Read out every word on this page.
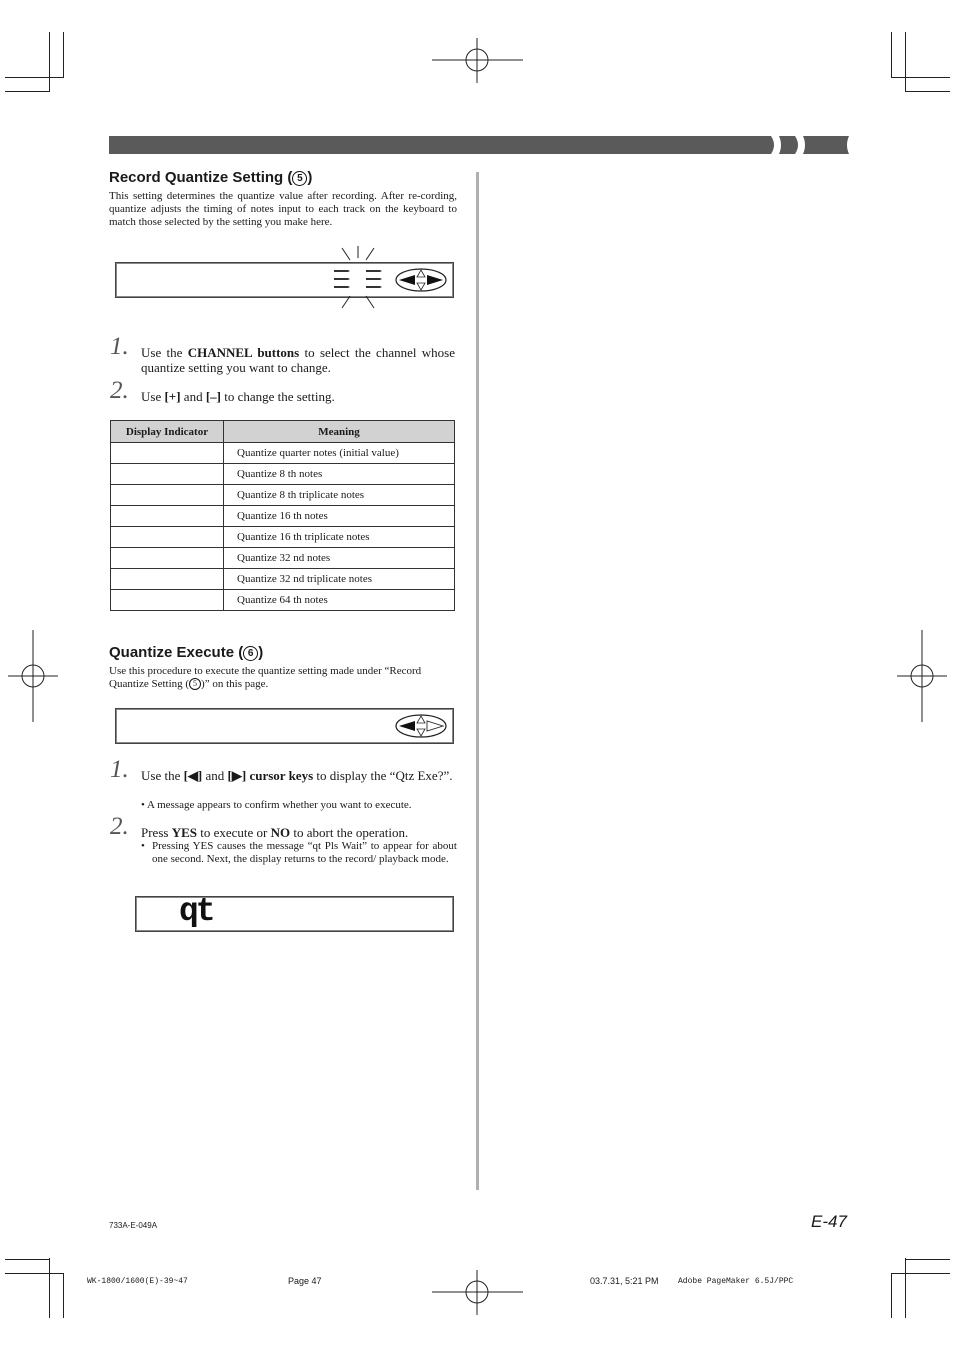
Record Quantize Setting ( 5 )
This setting determines the quantize value after recording. After re-cording, quantize adjusts the timing of notes input to each track on the keyboard to match those selected by the setting you make here.
1. Use the CHANNEL buttons to select the channel whose quantize setting you want to change.
2. Use [+] and [–] to change the setting.
Display Indicator	Meaning
	Quantize quarter notes (initial value)
	Quantize 8 th notes
	Quantize 8 th triplicate notes
	Quantize 16 th notes
	Quantize 16 th triplicate notes
	Quantize 32 nd notes
	Quantize 32 nd triplicate notes
	Quantize 64 th notes
Quantize Execute ( 6 )
Use this procedure to execute the quantize setting made under “Record Quantize Setting ( 5 )” on this page.
1. Use the [◀] and [▶] cursor keys to display the “Qtz Exe?”.
• A message appears to confirm whether you want to execute.
2. Press YES to execute or NO to abort the operation.
• Pressing YES causes the message “qt Pls Wait” to appear for about one second. Next, the display returns to the record/ playback mode.
qt
733A-E-049A	E-47
WK-1800/1600(E)-39~47	Page 47	03.7.31, 5:21 PM Adobe PageMaker 6.5J/PPC
